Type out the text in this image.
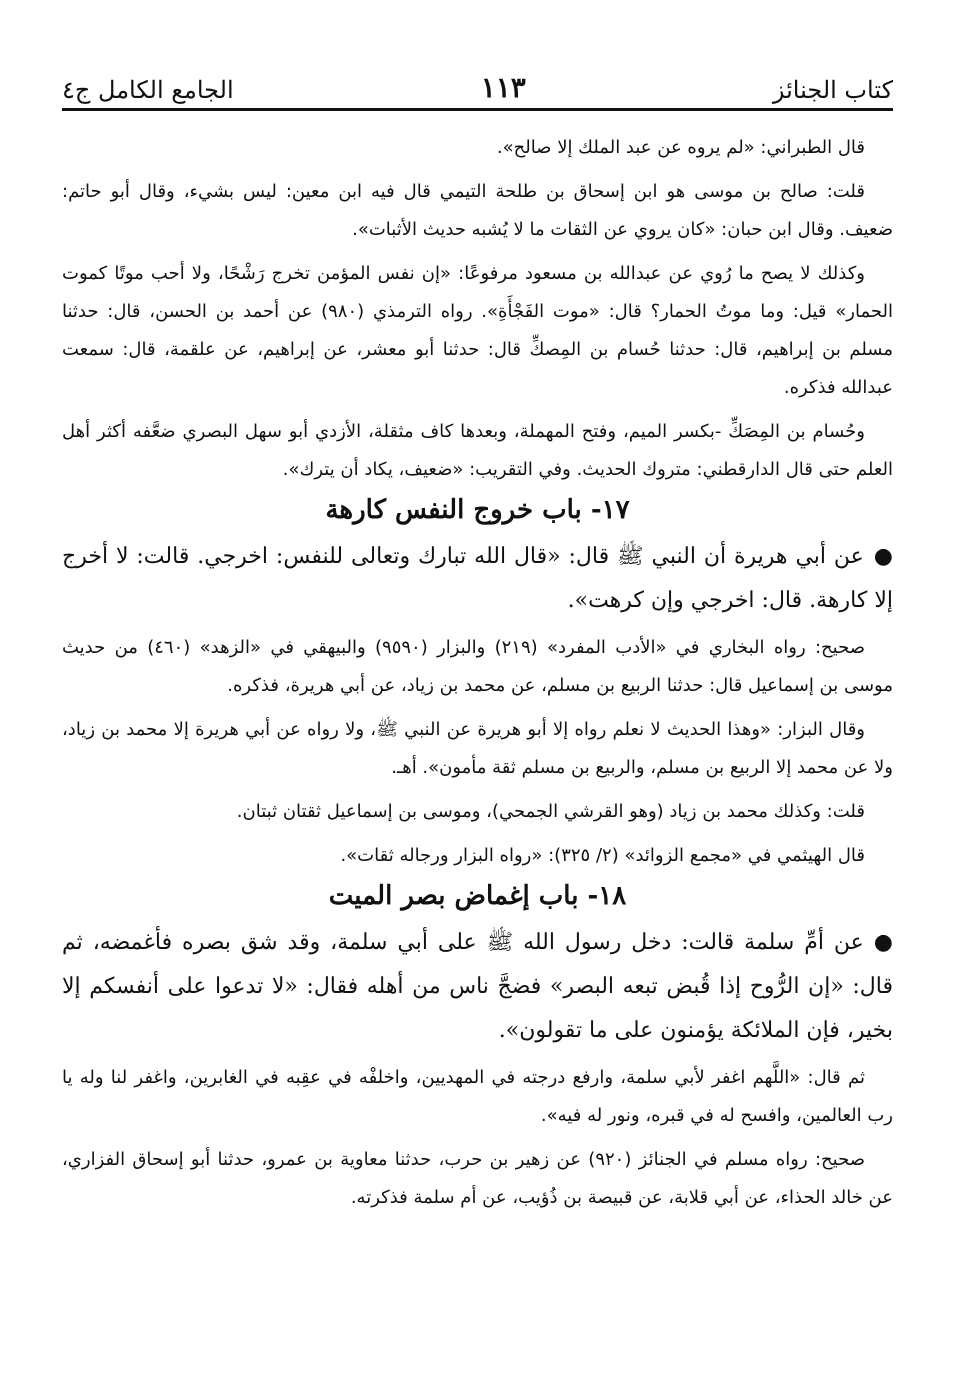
كتاب الجنائز
١١٣
الجامع الكامل ج٤

قال الطبراني: «لم يروه عن عبد الملك إلا صالح».

قلت: صالح بن موسى هو ابن إسحاق بن طلحة التيمي قال فيه ابن معين: ليس بشيء، وقال أبو حاتم: ضعيف. وقال ابن حبان: «كان يروي عن الثقات ما لا يُشبه حديث الأثبات».

وكذلك لا يصح ما رُوي عن عبدالله بن مسعود مرفوعًا: «إن نفس المؤمن تخرج رَشْحًا، ولا أحب موتًا كموت الحمار» قيل: وما موتُ الحمار؟ قال: «موت الفَجْأَةِ». رواه الترمذي (٩٨٠) عن أحمد بن الحسن، قال: حدثنا مسلم بن إبراهيم، قال: حدثنا حُسام بن المِصكِّ قال: حدثنا أبو معشر، عن إبراهيم، عن علقمة، قال: سمعت عبدالله فذكره.

وحُسام بن المِصَكِّ -بكسر الميم، وفتح المهملة، وبعدها كاف مثقلة، الأزدي أبو سهل البصري ضعَّفه أكثر أهل العلم حتى قال الدارقطني: متروك الحديث. وفي التقريب: «ضعيف، يكاد أن يترك».

١٧- باب خروج النفس كارهة

●عن أبي هريرة أن النبي ﷺ قال: «قال الله تبارك وتعالى للنفس: اخرجي. قالت: لا أخرج إلا كارهة. قال: اخرجي وإن كرهت».

صحيح: رواه البخاري في «الأدب المفرد» (٢١٩) والبزار (٩٥٩٠) والبيهقي في «الزهد» (٤٦٠) من حديث موسى بن إسماعيل قال: حدثنا الربيع بن مسلم، عن محمد بن زياد، عن أبي هريرة، فذكره.

وقال البزار: «وهذا الحديث لا نعلم رواه إلا أبو هريرة عن النبي ﷺ، ولا رواه عن أبي هريرة إلا محمد بن زياد، ولا عن محمد إلا الربيع بن مسلم، والربيع بن مسلم ثقة مأمون». أهـ.

قلت: وكذلك محمد بن زياد (وهو القرشي الجمحي)، وموسى بن إسماعيل ثقتان ثبتان.

قال الهيثمي في «مجمع الزوائد» (٢/ ٣٢٥): «رواه البزار ورجاله ثقات».

١٨- باب إغماض بصر الميت

●عن أمِّ سلمة قالت: دخل رسول الله ﷺ على أبي سلمة، وقد شق بصره فأغمضه، ثم قال: «إن الرُّوح إذا قُبض تبعه البصر» فضجَّ ناس من أهله فقال: «لا تدعوا على أنفسكم إلا بخير، فإن الملائكة يؤمنون على ما تقولون».

ثم قال: «اللَّهم اغفر لأبي سلمة، وارفع درجته في المهديين، واخلفْه في عقِبه في الغابرين، واغفر لنا وله يا رب العالمين، وافسح له في قبره، ونور له فيه».

صحيح: رواه مسلم في الجنائز (٩٢٠) عن زهير بن حرب، حدثنا معاوية بن عمرو، حدثنا أبو إسحاق الفزاري، عن خالد الحذاء، عن أبي قلابة، عن قبيصة بن ذُؤيب، عن أم سلمة فذكرته.
